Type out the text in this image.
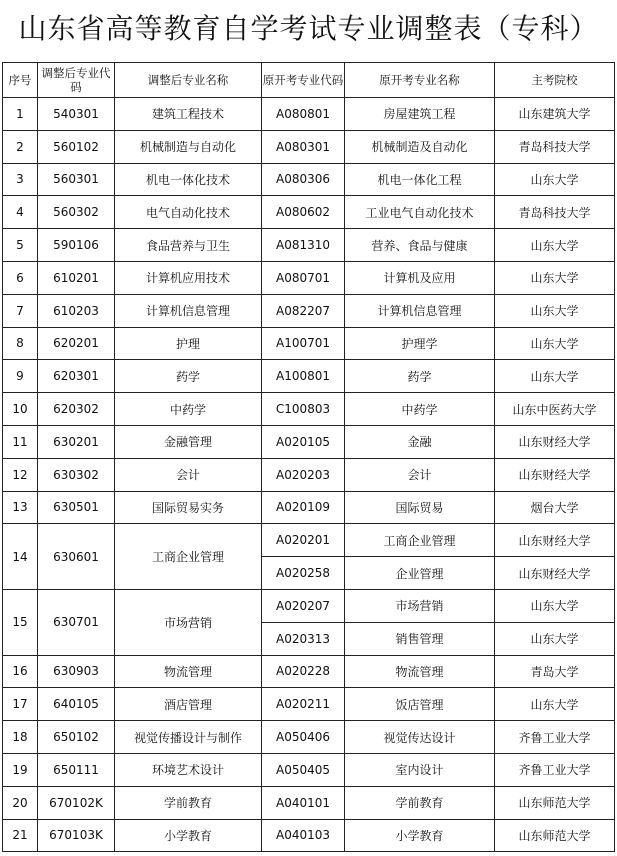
山东省高等教育自学考试专业调整表（专科）
序号	调整后专业代码	调整后专业名称	原开考专业代码	原开考专业名称	主考院校
1	540301	建筑工程技术	A080801	房屋建筑工程	山东建筑大学
2	560102	机械制造与自动化	A080301	机械制造及自动化	青岛科技大学
3	560301	机电一体化技术	A080306	机电一体化工程	山东大学
4	560302	电气自动化技术	A080602	工业电气自动化技术	青岛科技大学
5	590106	食品营养与卫生	A081310	营养、食品与健康	山东大学
6	610201	计算机应用技术	A080701	计算机及应用	山东大学
7	610203	计算机信息管理	A082207	计算机信息管理	山东大学
8	620201	护理	A100701	护理学	山东大学
9	620301	药学	A100801	药学	山东大学
10	620302	中药学	C100803	中药学	山东中医药大学
11	630201	金融管理	A020105	金融	山东财经大学
12	630302	会计	A020203	会计	山东财经大学
13	630501	国际贸易实务	A020109	国际贸易	烟台大学
14	630601	工商企业管理	A020201	工商企业管理	山东财经大学
			A020258	企业管理	山东财经大学
15	630701	市场营销	A020207	市场营销	山东大学
			A020313	销售管理	山东大学
16	630903	物流管理	A020228	物流管理	青岛大学
17	640105	酒店管理	A020211	饭店管理	山东大学
18	650102	视觉传播设计与制作	A050406	视觉传达设计	齐鲁工业大学
19	650111	环境艺术设计	A050405	室内设计	齐鲁工业大学
20	670102K	学前教育	A040101	学前教育	山东师范大学
21	670103K	小学教育	A040103	小学教育	山东师范大学
